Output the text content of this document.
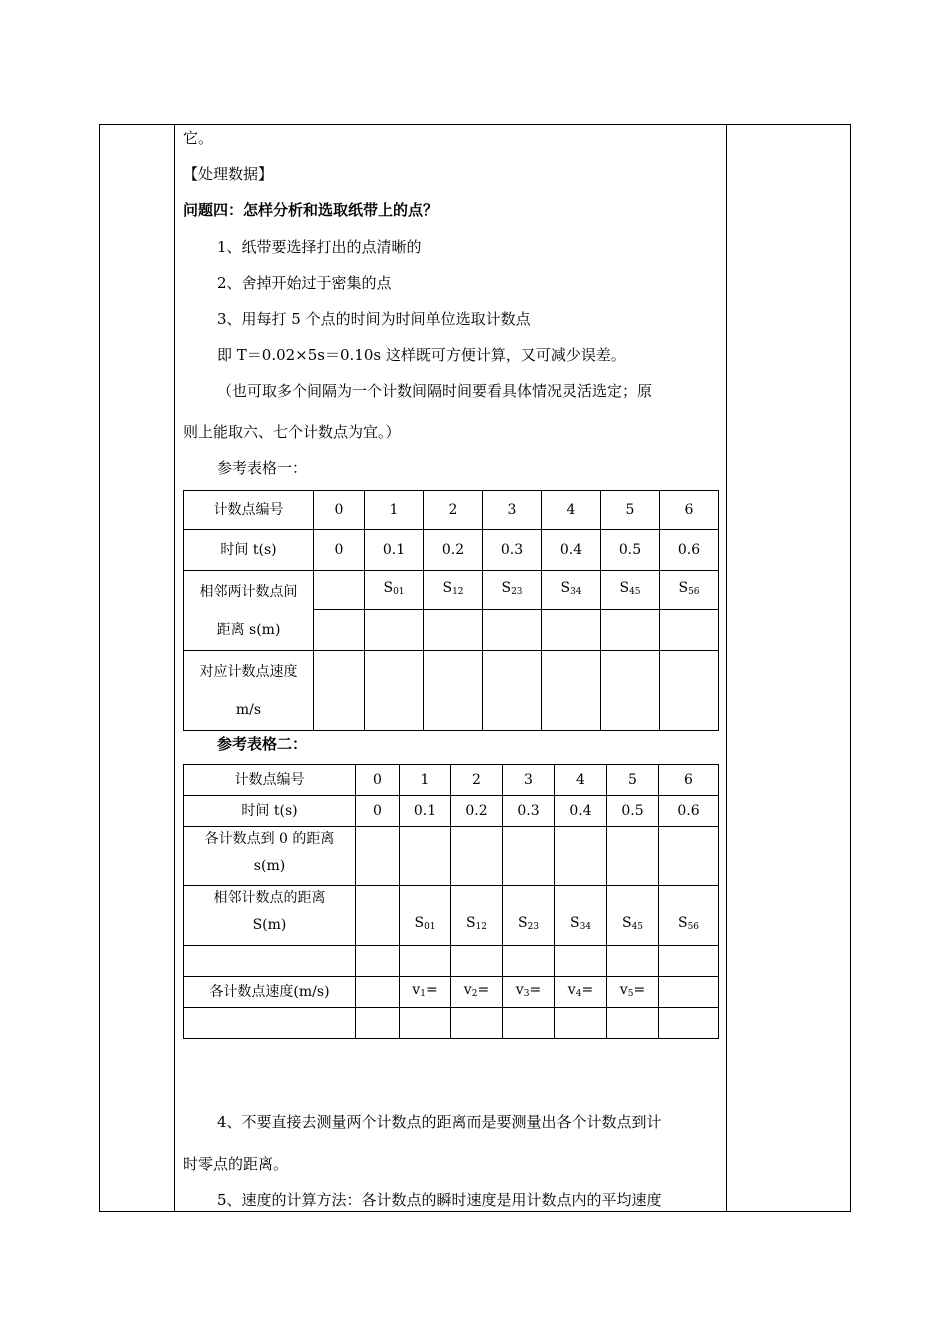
它。
【处理数据】
问题四：怎样分析和选取纸带上的点？
1、纸带要选择打出的点清晰的
2、舍掉开始过于密集的点
3、用每打 5 个点的时间为时间单位选取计数点
即 T＝0.02×5s＝0.10s 这样既可方便计算，又可减少误差。
（也可取多个间隔为一个计数间隔时间要看具体情况灵活选定；原
则上能取六、七个计数点为宜。）
参考表格一：
计数点编号	0	1	2	3	4	5	6
时间 t(s)	0	0.1	0.2	0.3	0.4	0.5	0.6

相邻两计数点间
距离 s(m)		$S_{01}$	$S_{12}$	$S_{23}$	$S_{34}$	$S_{45}$	$S_{56}$

对应计数点速度
m/s							

参考表格二：
计数点编号	0	1	2	3	4	5	6
时间 t(s)	0	0.1	0.2	0.3	0.4	0.5	0.6

各计数点到 0 的距离
s(m)							

相邻计数点的距离
S(m)		$S_{01}$	$S_{12}$	$S_{23}$	$S_{34}$	$S_{45}$	$S_{56}$

各计数点速度(m/s)		$v_1=$	$v_2=$	$v_3=$	$v_4=$	$v_5=$	

4、不要直接去测量两个计数点的距离而是要测量出各个计数点到计
时零点的距离。
5、速度的计算方法：各计数点的瞬时速度是用计数点内的平均速度
